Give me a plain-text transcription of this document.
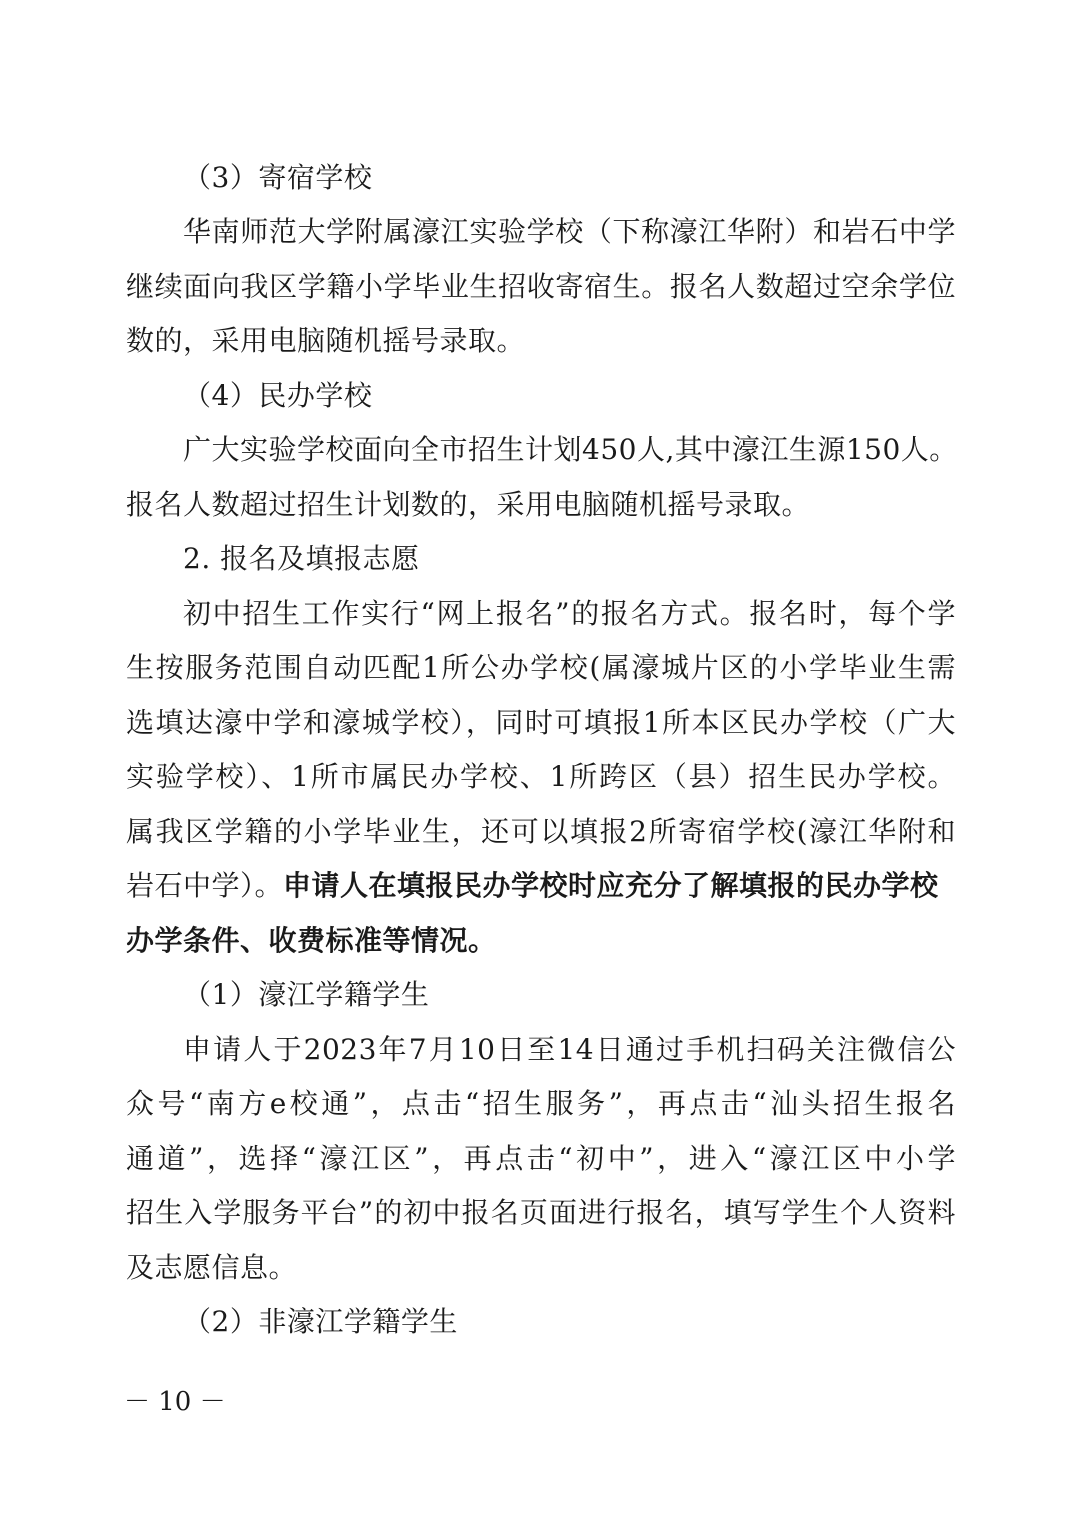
（3）寄宿学校
华南师范大学附属濠江实验学校（下称濠江华附）和岩石中学
继续面向我区学籍小学毕业生招收寄宿生。报名人数超过空余学位
数的，采用电脑随机摇号录取。
（4）民办学校
广大实验学校面向全市招生计划450人,其中濠江生源150人。
报名人数超过招生计划数的，采用电脑随机摇号录取。
2. 报名及填报志愿
初中招生工作实行“网上报名”的报名方式。报名时，每个学
生按服务范围自动匹配1所公办学校(属濠城片区的小学毕业生需
选填达濠中学和濠城学校），同时可填报1所本区民办学校（广大
实验学校）、1所市属民办学校、1所跨区（县）招生民办学校。
属我区学籍的小学毕业生，还可以填报2所寄宿学校(濠江华附和
岩石中学）。申请人在填报民办学校时应充分了解填报的民办学校
办学条件、收费标准等情况。
（1）濠江学籍学生
申请人于2023年7月10日至14日通过手机扫码关注微信公
众号“南方e校通”，点击“招生服务”，再点击“汕头招生报名
通道”，选择“濠江区”，再点击“初中”，进入“濠江区中小学
招生入学服务平台”的初中报名页面进行报名，填写学生个人资料
及志愿信息。
（2）非濠江学籍学生
－ 10 －
